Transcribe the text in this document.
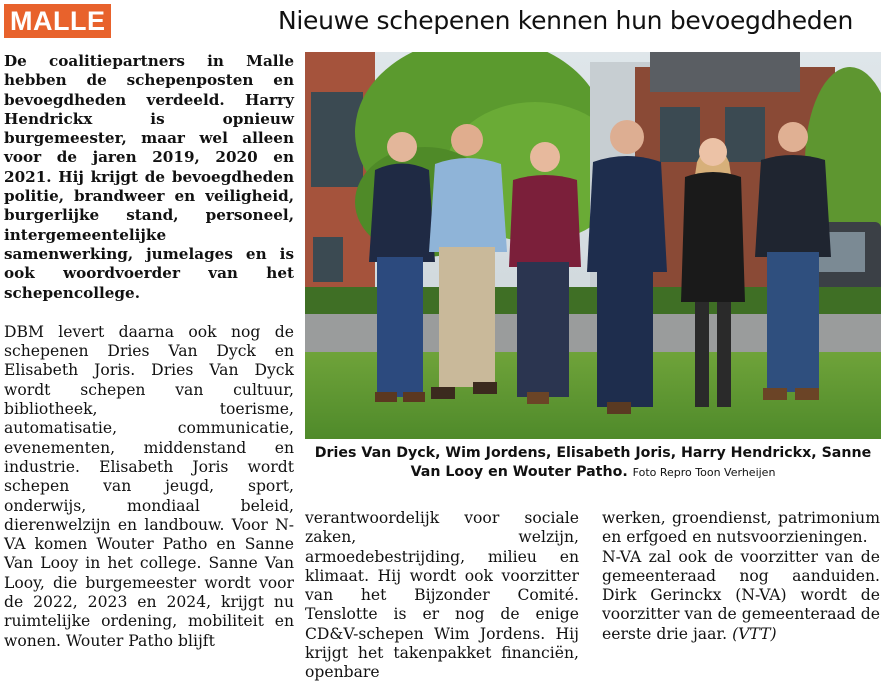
MALLE	Nieuwe schepenen kennen hun bevoegdheden

De coalitiepartners in Malle hebben de schepenposten en bevoegdheden verdeeld. Harry Hendrickx is opnieuw burgemeester, maar wel alleen voor de jaren 2019, 2020 en 2021. Hij krijgt de bevoegdheden politie, brandweer en veiligheid, burgerlijke stand, personeel, intergemeentelijke samenwerking, jumelages en is ook woordvoerder van het schepencollege.

DBM levert daarna ook nog de schepenen Dries Van Dyck en Elisabeth Joris. Dries Van Dyck wordt schepen van cultuur, bibliotheek, toerisme, automatisatie, communicatie, evenementen, middenstand en industrie. Elisabeth Joris wordt schepen van jeugd, sport, onderwijs, mondiaal beleid, dierenwelzijn en landbouw. Voor N-VA komen Wouter Patho en Sanne Van Looy in het college. Sanne Van Looy, die burgemeester wordt voor de 2022, 2023 en 2024, krijgt nu ruimtelijke ordening, mobiliteit en wonen. Wouter Patho blijft

Dries Van Dyck, Wim Jordens, Elisabeth Joris, Harry Hendrickx, Sanne Van Looy en Wouter Patho. Foto Repro Toon Verheijen

verantwoordelijk voor sociale zaken, welzijn, armoedebestrijding, milieu en klimaat. Hij wordt ook voorzitter van het Bijzonder Comité. Tenslotte is er nog de enige CD&V-schepen Wim Jordens. Hij krijgt het takenpakket financiën, openbare

werken, groendienst, patrimonium en erfgoed en nutsvoorzieningen.

N-VA zal ook de voorzitter van de gemeenteraad nog aanduiden. Dirk Gerinckx (N-VA) wordt de voorzitter van de gemeenteraad de eerste drie jaar. (VTT)
